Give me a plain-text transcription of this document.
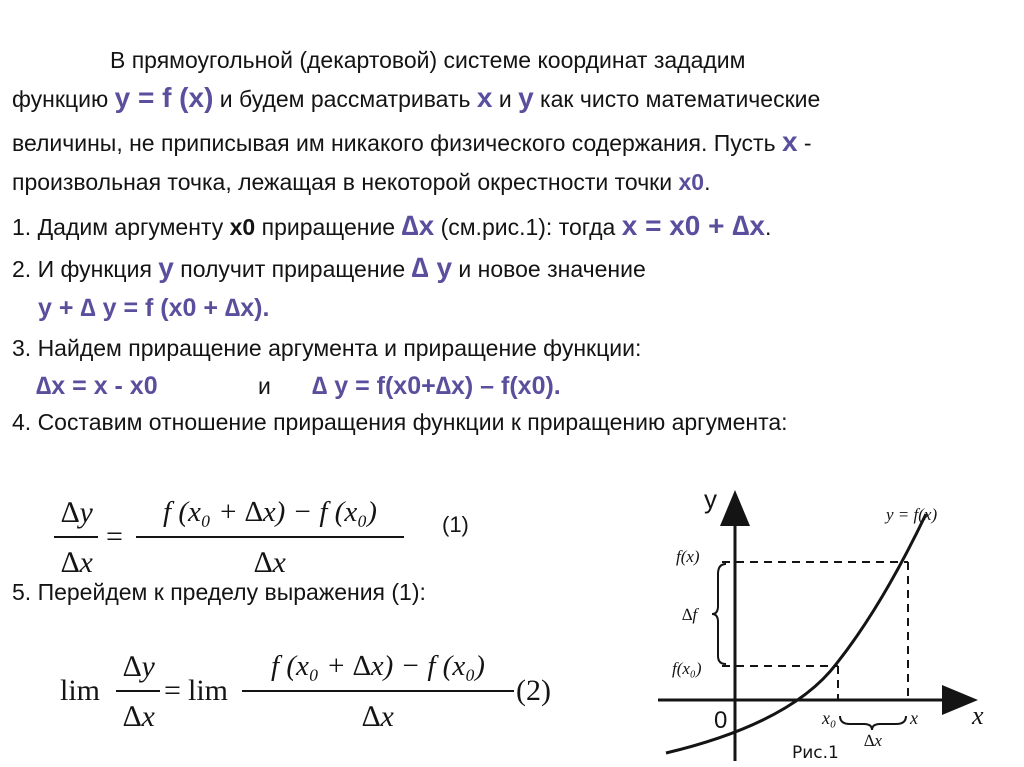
В прямоугольной (декартовой) системе координат зададим
функцию y = f (x) и будем рассматривать x и у как чисто математические
величины, не приписывая им никакого физического содержания. Пусть x -
произвольная точка, лежащая в некоторой окрестности точки x0.
1. Дадим аргументу x0 приращение ∆x (см.рис.1): тогда x = x0 + ∆x.
2. И функция y получит приращение ∆ y и новое значение
y + ∆ y = f (x0 + ∆x).
3. Найдем приращение аргумента и приращение функции:
∆x = x - x0	и ∆ y = f(x0+∆x) – f(x0).
4. Составим отношение приращения функции к приращению аргумента:
∆y
∆x
=
f (x₀ + ∆x) − f (x₀)
∆x
(1)
5. Перейдем к пределу выражения (1):
lim
∆y
∆x
= lim
f (x₀ + ∆x) − f (x₀)
∆x
(2)
y
x
0
y = f(x)
f(x)
∆f
f(x₀)
x₀	x
∆x
Рис.1
